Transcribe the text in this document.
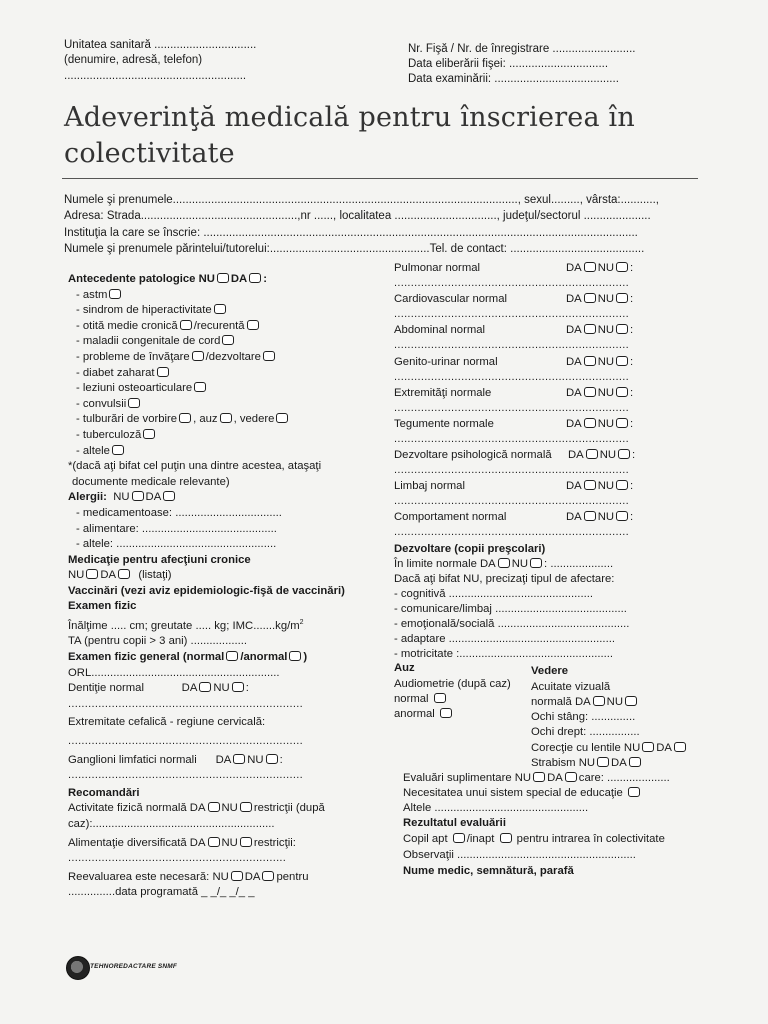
Unitatea sanitară ................................
(denumire, adresă, telefon)
.........................................................
Nr. Fişă / Nr. de înregistrare ..........................
Data eliberării fişei: ...............................
Data examinării: .......................................
Adeverinţă medicală pentru înscrierea în
colectivitate
Numele şi prenumele............................................................................................................, sexul........., vârsta:...........,
Adresa: Strada.................................................,nr ......, localitatea ................................, judeţul/sectorul .....................
Instituţia la care se înscrie: ........................................................................................................................................
Numele şi prenumele părintelui/tutorelui:..................................................Tel. de contact: ..........................................
Antecedente patologice NU DA :
- astm
- sindrom de hiperactivitate
- otită medie cronică /recurentă
- maladii congenitale de cord
- probleme de învăţare /dezvoltare
- diabet zaharat
- leziuni osteoarticulare
- convulsii
- tulburări de vorbire , auz , vedere
- tuberculoză
- altele
*(dacă aţi bifat cel puţin una dintre acestea, ataşaţi
documente medicale relevante)
Alergii: NU DA
- medicamentoase: ..................................
- alimentare: ...........................................
- altele: ...................................................
Medicaţie pentru afecţiuni cronice
NU DA (listaţi)
Vaccinări (vezi aviz epidemiologic-fişă de vaccinări)
Examen fizic
Înălţime ..... cm; greutate ..... kg; $IMC.......kg/m^2$
TA (pentru copii > 3 ani) ..................
Examen fizic general (normal /anormal )
ORL............................................................
Dentiţie normal	DA NU :
......................................................................
Extremitate cefalică - regiune cervicală:
......................................................................
Ganglioni limfatici normali DA NU :
......................................................................
Recomandări
Activitate fizică normală DA NU restricţii (după
caz):..........................................................
Alimentaţie diversificată DA NU restricţii:
.................................................................
Reevaluarea este necesară: NU DA pentru
...............data programată _ _/_ _/_ _
Pulmonar normal	DA NU :
......................................................................
Cardiovascular normal	DA NU :
......................................................................
Abdominal normal	DA NU :
......................................................................
Genito-urinar normal	DA NU :
......................................................................
Extremităţi normale	DA NU :
......................................................................
Tegumente normale	DA NU :
......................................................................
Dezvoltare psihologică normală DA NU :
......................................................................
Limbaj normal	DA NU :
......................................................................
Comportament normal	DA NU :
......................................................................
Dezvoltare (copii preşcolari)
În limite normale DA NU : ....................
Dacă aţi bifat NU, precizaţi tipul de afectare:
- cognitivă ..............................................
- comunicare/limbaj ..........................................
- emoţională/socială ..........................................
- adaptare .....................................................
- motricitate :.................................................
Auz	Vedere
Audiometrie (după caz)
normal
anormal
Acuitate vizuală
normală DA NU
Ochi stâng: ..............
Ochi drept: ................
Corecţie cu lentile NU DA
Strabism NU DA
Evaluări suplimentare NU DA care: ....................
Necesitatea unui sistem special de educaţie
Altele .................................................
Rezultatul evaluării
Copil apt /inapt pentru intrarea în colectivitate
Observaţii .........................................................
Nume medic, semnătură, parafă
TEHNOREDACTARE SNMF
